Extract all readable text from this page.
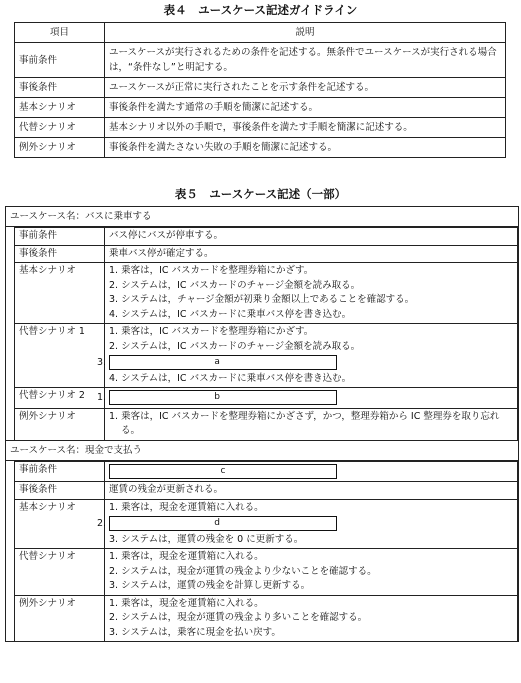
表４　ユースケース記述ガイドライン
項目	説明
事前条件	ユースケースが実行されるための条件を記述する。無条件でユースケースが実行される場合は，“条件なし”と明記する。
事後条件	ユースケースが正常に実行されたことを示す条件を記述する。
基本シナリオ	事後条件を満たす通常の手順を簡潔に記述する。
代替シナリオ	基本シナリオ以外の手順で，事後条件を満たす手順を簡潔に記述する。
例外シナリオ	事後条件を満たさない失敗の手順を簡潔に記述する。
表５　ユースケース記述（一部）
ユースケース名：バスに乗車する

事前条件	バス停にバスが停車する。
事後条件	乗車バス停が確定する。
基本シナリオ	1. 乗客は，IC バスカードを整理券箱にかざす。
2. システムは，IC バスカードのチャージ金額を読み取る。
3. システムは，チャージ金額が初乗り金額以上であることを確認する。
4. システムは，IC バスカードに乗車バス停を書き込む。

代替シナリオ 1	1. 乗客は，IC バスカードを整理券箱にかざす。
2. システムは，IC バスカードのチャージ金額を読み取る。
3.	a
4. システムは，IC バスカードに乗車バス停を書き込む。

代替シナリオ 2	1.	b

例外シナリオ	1. 乗客は，IC バスカードを整理券箱にかざさず，かつ，整理券箱から IC 整理券を取り忘れる。

ユースケース名：現金で支払う

事前条件	c
事後条件	運賃の残金が更新される。
基本シナリオ	1. 乗客は，現金を運賃箱に入れる。
2.	d
3. システムは，運賃の残金を 0 に更新する。

代替シナリオ	1. 乗客は，現金を運賃箱に入れる。
2. システムは，現金が運賃の残金より少ないことを確認する。
3. システムは，運賃の残金を計算し更新する。

例外シナリオ	1. 乗客は，現金を運賃箱に入れる。
2. システムは，現金が運賃の残金より多いことを確認する。
3. システムは，乗客に現金を払い戻す。
